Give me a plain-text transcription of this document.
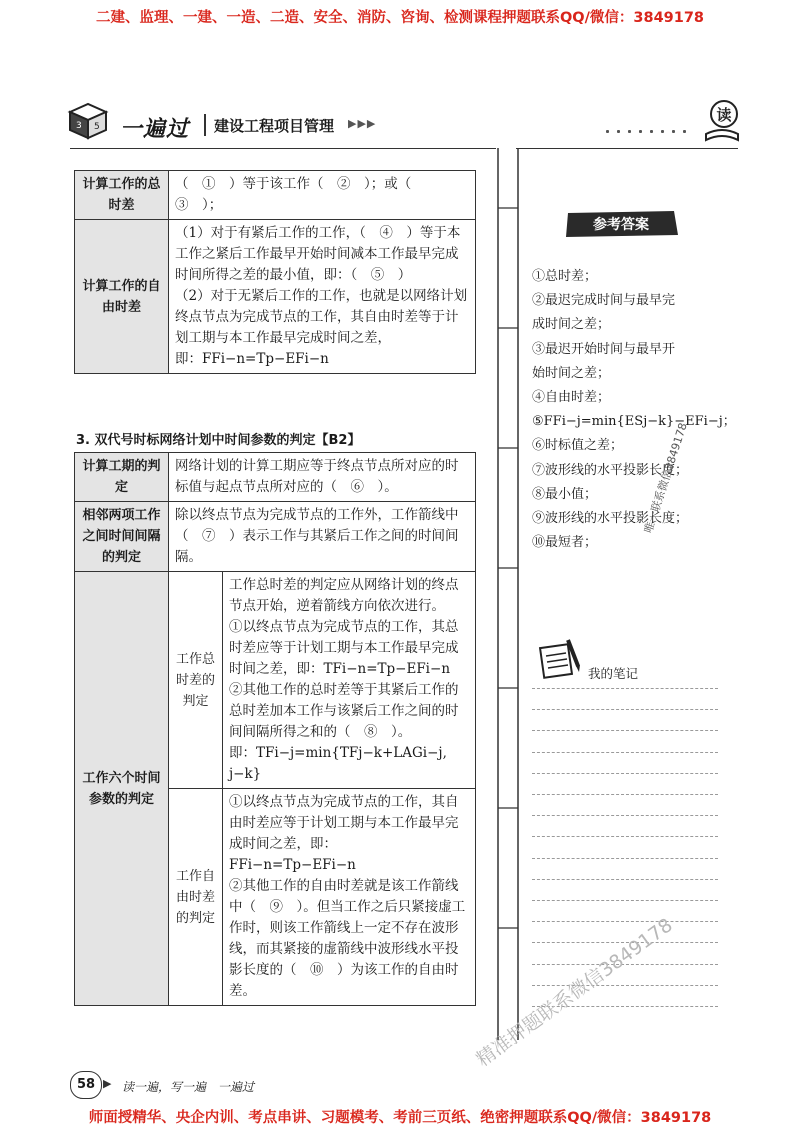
二建、监理、一建、一造、二造、安全、消防、咨询、检测课程押题联系QQ/微信：3849178
3 5 一遍过 建设工程项目管理 ▶▶▶	读
计算工作的总时差	（　①　）等于该工作（　②　）；或（　③　）；

计算工作的自由时差	（1）对于有紧后工作的工作，（　④　）等于本工作之紧后工作最早开始时间减本工作最早完成时间所得之差的最小值，即：（　⑤　）
（2）对于无紧后工作的工作，也就是以网络计划终点节点为完成节点的工作，其自由时差等于计划工期与本工作最早完成时间之差，
即：FFi−n=Tp−EFi−n
3. 双代号时标网络计划中时间参数的判定【B2】
计算工期的判定	网络计划的计算工期应等于终点节点所对应的时标值与起点节点所对应的（　⑥　）。	
相邻两项工作之间时间间隔的判定	除以终点节点为完成节点的工作外，工作箭线中（　⑦　）表示工作与其紧后工作之间的时间间隔。	
工作六个时间参数的判定	工作总时差的判定	工作总时差的判定应从网络计划的终点节点开始，逆着箭线方向依次进行。
①以终点节点为完成节点的工作，其总时差应等于计划工期与本工作最早完成时间之差，即：TFi−n=Tp−EFi−n
②其他工作的总时差等于其紧后工作的总时差加本工作与该紧后工作之间的时间间隔所得之和的（　⑧　）。
即：TFi−j=min{TFj−k+LAGi−j, j−k}

	工作自由时差的判定	①以终点节点为完成节点的工作，其自由时差应等于计划工期与本工作最早完成时间之差，即：
FFi−n=Tp−EFi−n
②其他工作的自由时差就是该工作箭线中（　⑨　）。但当工作之后只紧接虚工作时，则该工作箭线上一定不存在波形线，而其紧接的虚箭线中波形线水平投影长度的（　⑩　）为该工作的自由时差。
参考答案
①总时差；
②最迟完成时间与最早完
成时间之差；
③最迟开始时间与最早开
始时间之差；
④自由时差；
⑤FFi−j=min{ESj−k}−EFi−j；
⑥时标值之差；
⑦波形线的水平投影长度；
⑧最小值；
⑨波形线的水平投影长度；
⑩最短者；
我的笔记
唯一联系微信3849178
精准押题联系微信3849178
58 ▶ 读一遍，写一遍　一遍过
师面授精华、央企内训、考点串讲、习题模考、考前三页纸、绝密押题联系QQ/微信：3849178
